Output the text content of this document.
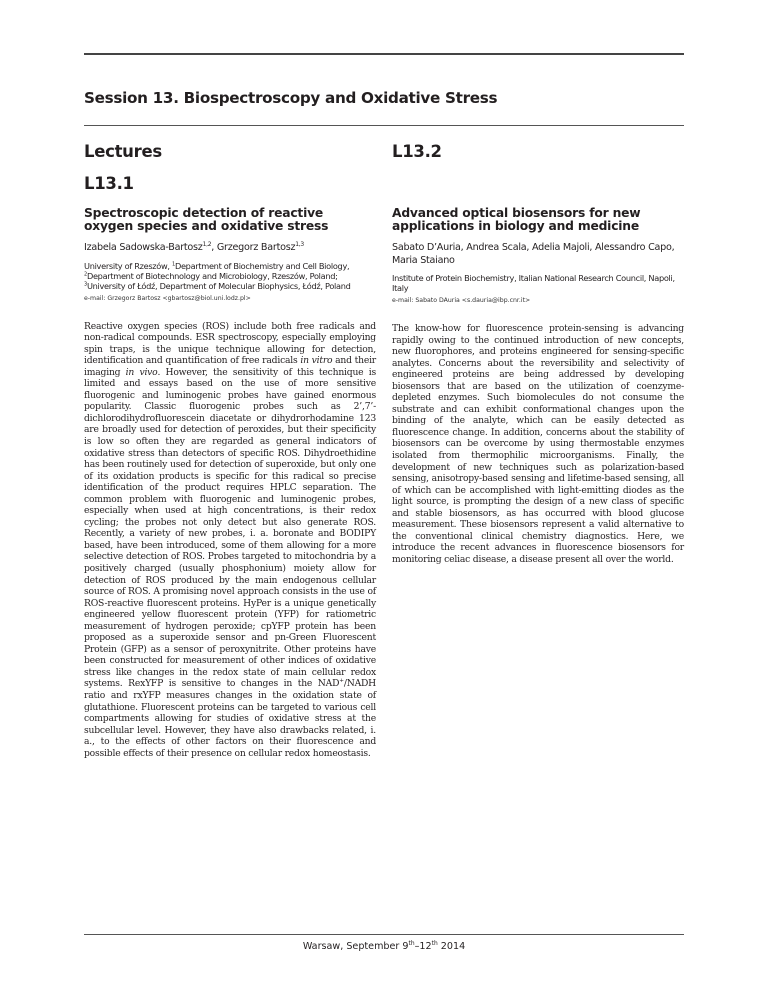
Session 13. Biospectroscopy and Oxidative Stress
Lectures
L13.1
Spectroscopic detection of reactive oxygen species and oxidative stress

Izabela Sadowska-Bartosz$^{1,2}$, Grzegorz Bartosz$^{1,3}$

University of Rzeszów, $^1$Department of Biochemistry and Cell Biology,
$^2$Department of Biotechnology and Microbiology, Rzeszów, Poland;
$^3$University of Łódź, Department of Molecular Biophysics, Łódź, Poland

e-mail: Grzegorz Bartosz <gbartosz@biol.uni.lodz.pl>

Reactive oxygen species (ROS) include both free radicals and non-radical compounds. ESR spectroscopy, especially employing spin traps, is the unique technique allowing for detection, identification and quantification of free radicals in vitro and their imaging in vivo. However, the sensitivity of this technique is limited and essays based on the use of more sensitive fluorogenic and luminogenic probes have gained enormous popularity. Classic fluorogenic probes such as 2’,7’-dichlorodihydrofluorescein diacetate or dihydrorhodamine 123 are broadly used for detection of peroxides, but their specificity is low so often they are regarded as general indicators of oxidative stress than detectors of specific ROS. Dihydroethidine has been routinely used for detection of superoxide, but only one of its oxidation products is specific for this radical so precise identification of the product requires HPLC separation. The common problem with fluorogenic and luminogenic probes, especially when used at high concentrations, is their redox cycling; the probes not only detect but also generate ROS. Recently, a variety of new probes, i. a. boronate and BODIPY based, have been introduced, some of them allowing for a more selective detection of ROS. Probes targeted to mitochondria by a positively charged (usually phosphonium) moiety allow for detection of ROS produced by the main endogenous cellular source of ROS. A promising novel approach consists in the use of ROS-reactive fluorescent proteins. HyPer is a unique genetically engineered yellow fluorescent protein (YFP) for ratiometric measurement of hydrogen peroxide; cpYFP protein has been proposed as a superoxide sensor and pn-Green Fluorescent Protein (GFP) as a sensor of peroxynitrite. Other proteins have been constructed for measurement of other indices of oxidative stress like changes in the redox state of main cellular redox systems. RexYFP is sensitive to changes in the NAD+/NADH ratio and rxYFP measures changes in the oxidation state of glutathione. Fluorescent proteins can be targeted to various cell compartments allowing for studies of oxidative stress at the subcellular level. However, they have also drawbacks related, i. a., to the effects of other factors on their fluorescence and possible effects of their presence on cellular redox homeostasis.

L13.2
Advanced optical biosensors for new applications in biology and medicine

Sabato D’Auria, Andrea Scala, Adelia Majoli, Alessandro Capo, Maria Staiano

Institute of Protein Biochemistry, Italian National Research Council, Napoli, Italy

e-mail: Sabato DAuria <s.dauria@ibp.cnr.it>

The know-how for fluorescence protein-sensing is advancing rapidly owing to the continued introduction of new concepts, new fluorophores, and proteins engineered for sensing-specific analytes. Concerns about the reversibility and selectivity of engineered proteins are being addressed by developing biosensors that are based on the utilization of coenzyme-depleted enzymes. Such biomolecules do not consume the substrate and can exhibit conformational changes upon the binding of the analyte, which can be easily detected as fluorescence change. In addition, concerns about the stability of biosensors can be overcome by using thermostable enzymes isolated from thermophilic microorganisms. Finally, the development of new techniques such as polarization-based sensing, anisotropy-based sensing and lifetime-based sensing, all of which can be accomplished with light-emitting diodes as the light source, is prompting the design of a new class of specific and stable biosensors, as has occurred with blood glucose measurement. These biosensors represent a valid alternative to the conventional clinical chemistry diagnostics. Here, we introduce the recent advances in fluorescence biosensors for monitoring celiac disease, a disease present all over the world.

Warsaw, September 9th–12th 2014
